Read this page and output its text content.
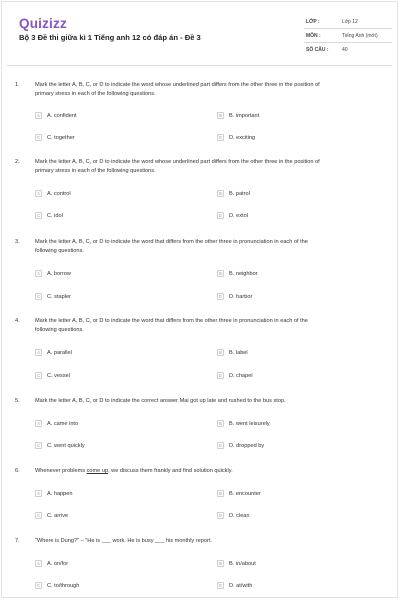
Quizizz
Bộ 3 Đề thi giữa kì 1 Tiếng anh 12 có đáp án - Đề 3
LỚP :	Lớp 12
MÔN :	Tiếng Anh (mới)
SỐ CÂU :	40
1.	Mark the letter A, B, C, or D to indicate the word whose underlined part differs from the other three in the position of
primary stress in each of the following questions.
A	A. confident	B	B. important
C	C. together	D	D. exciting
2.	Mark the letter A, B, C, or D to indicate the word whose underlined part differs from the other three in the position of
primary stress in each of the following questions.
A	A. control	B	B. patrol
C	C. idol	D	D. extol
3.	Mark the letter A, B, C, or D to indicate the word that differs from the other three in pronunciation in each of the
following questions.
A	A. borrow	B	B. neighbor
C	C. stapler	D	D. harbor
4.	Mark the letter A, B, C, or D to indicate the word that differs from the other three in pronunciation in each of the
following questions.
A	A. parallel	B	B. label
C	C. vessel	D	D. chapel
5.	Mark the letter A, B, C, or D to indicate the correct answer Mai got up late and rushed to the bus stop.
A	A. came into	B	B. went leisurely
C	C. went quickly	D	D. dropped by
6.	Whenever problems come up, we discuss them frankly and find solution quickly.
A	A. happen	B	B. encounter
C	C. arrive	D	D. clean
7.	"Where is Dung?" – "He is ___ work. He is busy ___ his monthly report.
A	A. on/for	B	B. in/about
C	C. to/through	D	D. at/with
